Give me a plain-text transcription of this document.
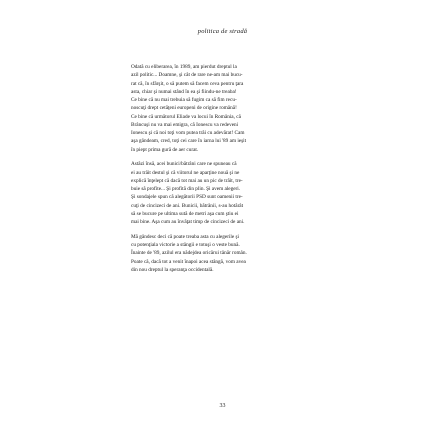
politica de stradă
Odată cu eliberarea, în 1989, am pierdut dreptul la
azil politic... Doamne, şi cât de rare ne-am mai bucu-
rat că, în sfârşit, o să putem să facem ceva pentru ţara
asta, chiar şi numai stând în ea şi fiindu-ne treaba!
Ce bine că nu mai trebuia să fugim ca să fim recu-
noscuţi drept cetăţeni europeni de origine română!
Ce bine că următorul Eliade va locui în România, că
Brâncuşi nu va mai emigra, că Ionescu va redeveni
Ionescu şi că noi toţi vom putea trăi cu adevărat! Cam
aşa gândeam, cred, toţi cei care în iarna lui '89 am ieşit
în piept prima gură de aer curat.
Astăzi însă, acei bunici/bătrâni care ne spuneau că
ei au trăit destul şi că viitorul ne aparţine nouă şi ne
explică înţelept că dacă tot mai au un pic de trăit, tre-
buie să profite... Şi profită din plin. Şi avem alegeri.
Şi sondajele spun că alegătorii PSD sunt oamenii tre-
cuţi de cincizeci de ani. Bunicii, bătrânii, s-au hotărât
să se bucure pe ultima sută de metri aşa cum ştiu ei
mai bine. Aşa cum au învăţat timp de cincizeci de ani.
Mă gândesc deci că poate treaba asta cu alegerile şi
cu potenţiala victorie a stângii e totuşi o veste bună.
Înainte de '89, azilul era nădejdea oricărui tânăr român.
Poate că, dacă tot a venit înapoi acea stângă, vom avea
din nou dreptul la speranţa occidentală.
33
